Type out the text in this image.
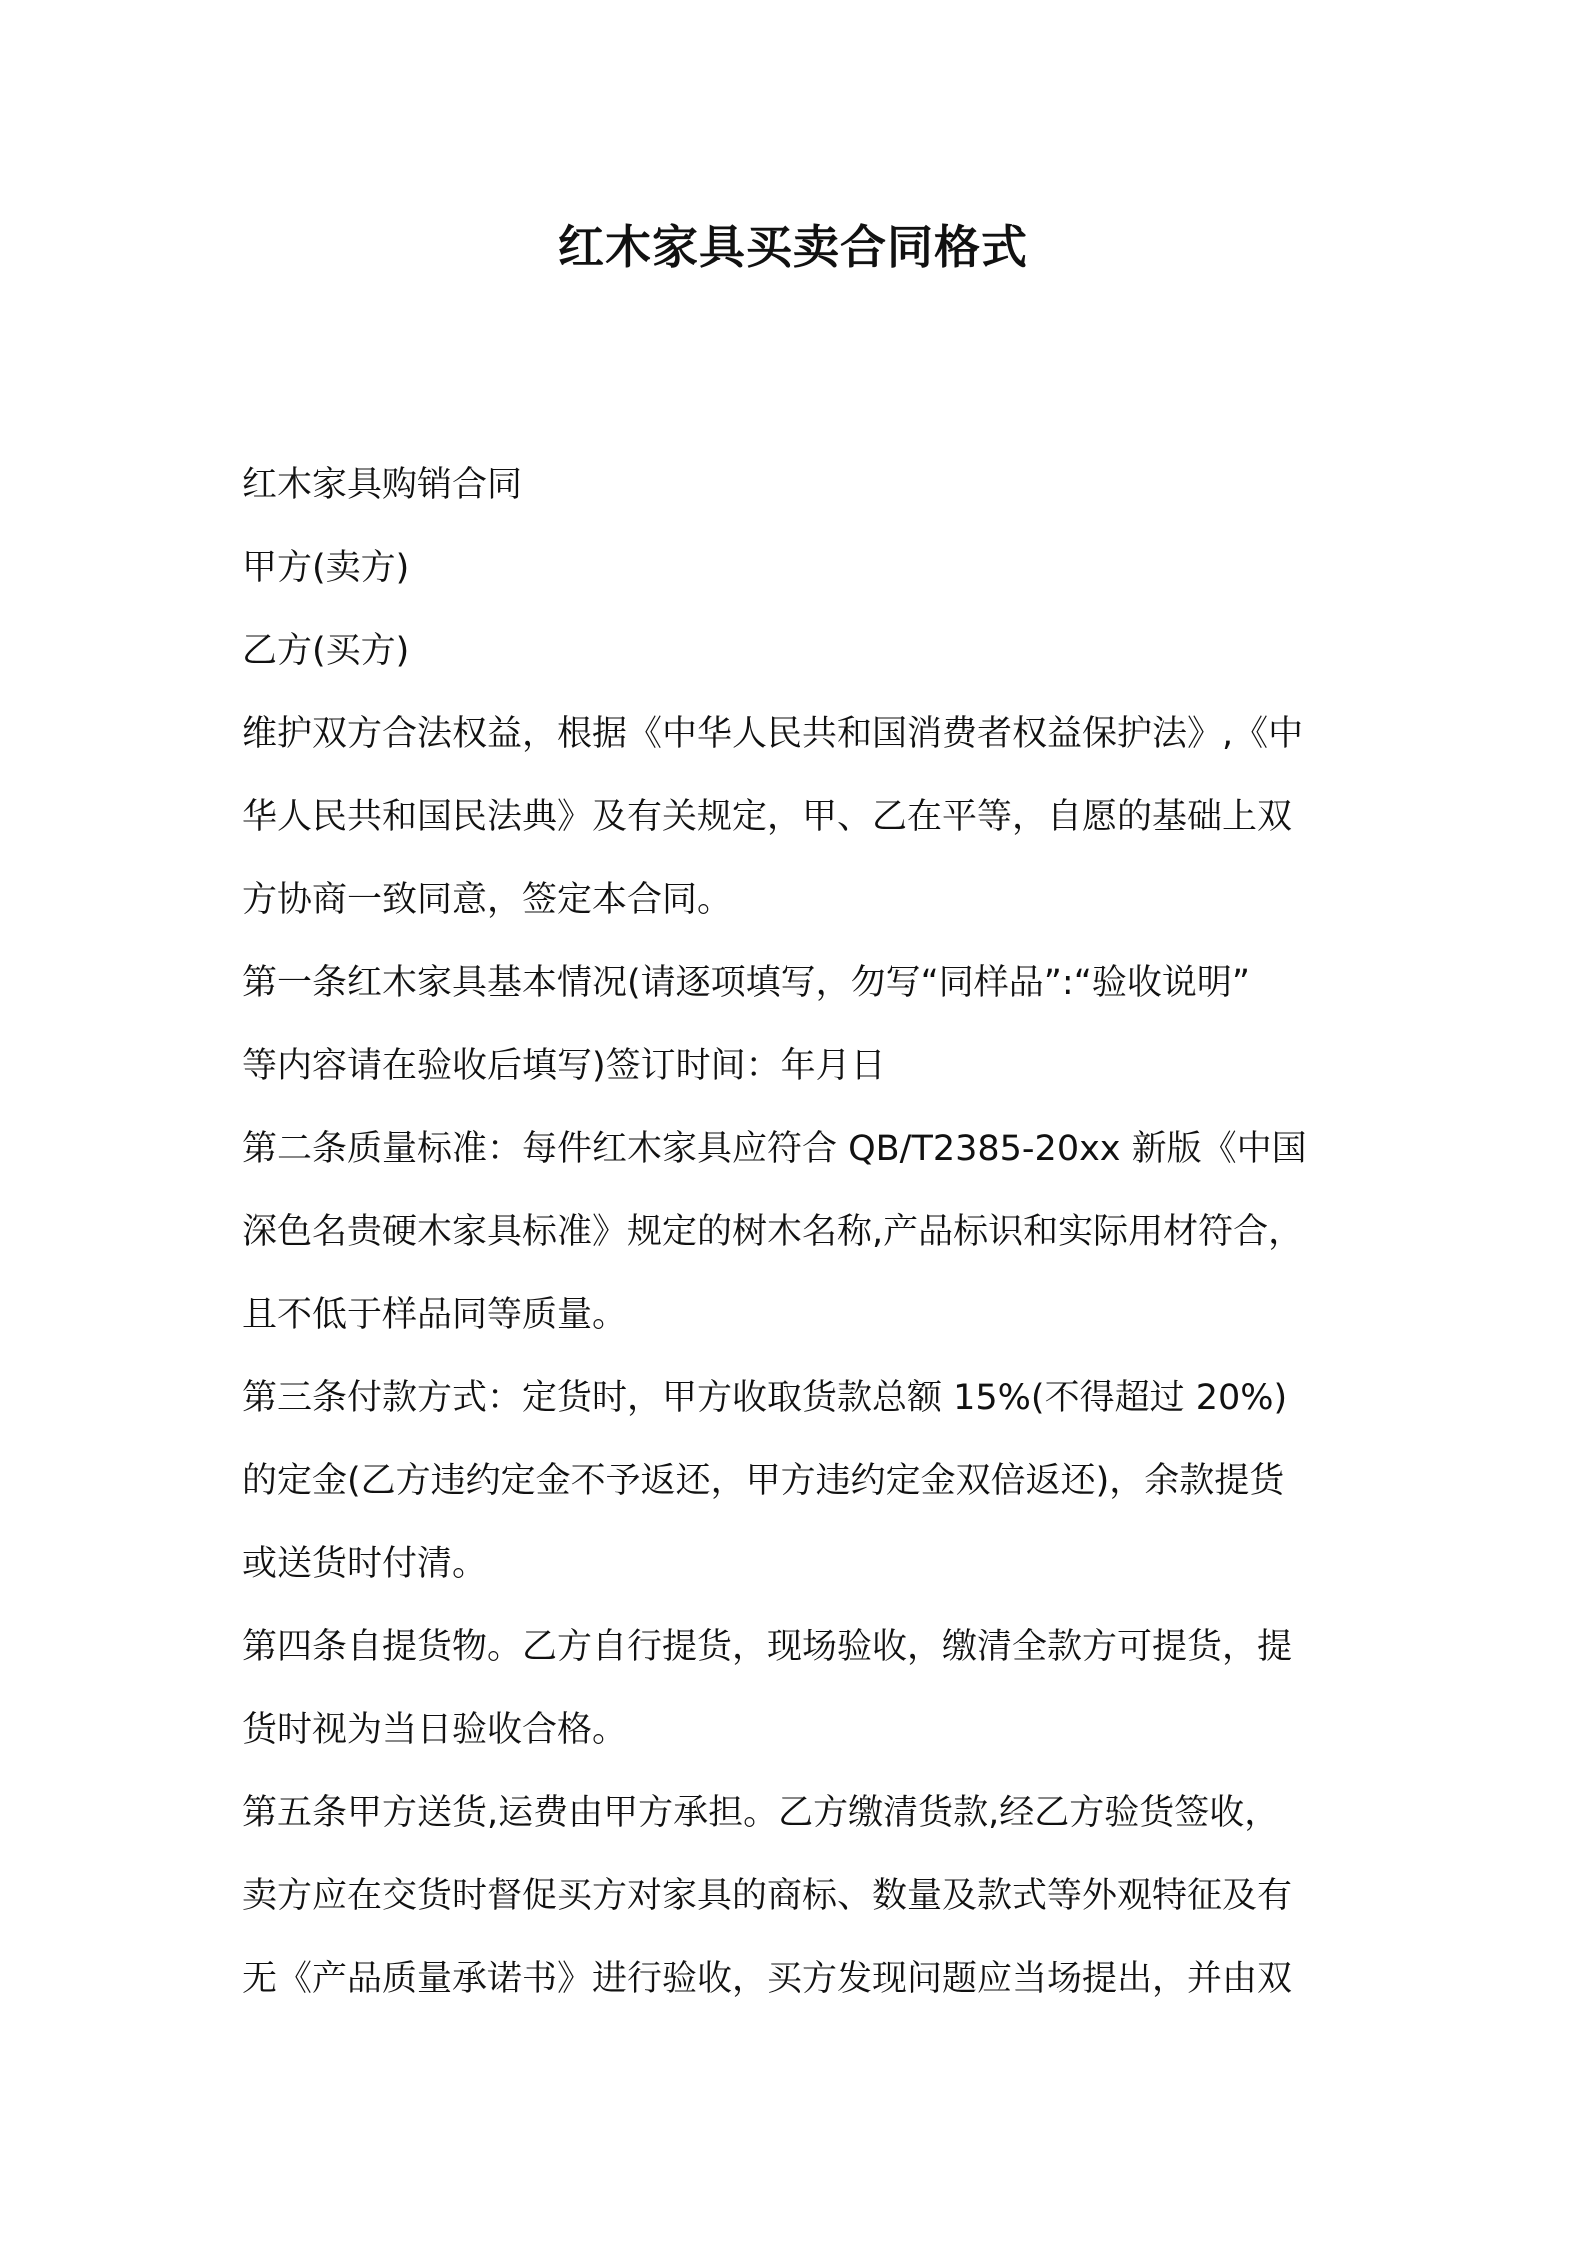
红木家具买卖合同格式

红木家具购销合同

甲方(卖方)

乙方(买方)

维护双方合法权益，根据《中华人民共和国消费者权益保护法》,《中

华人民共和国民法典》及有关规定，甲、乙在平等，自愿的基础上双

方协商一致同意，签定本合同。

第一条红木家具基本情况(请逐项填写，勿写“同样品”:“验收说明”

等内容请在验收后填写)签订时间：年月日

第二条质量标准：每件红木家具应符合 QB/T2385-20xx 新版《中国

深色名贵硬木家具标准》规定的树木名称,产品标识和实际用材符合，

且不低于样品同等质量。

第三条付款方式：定货时，甲方收取货款总额 15%(不得超过 20%)

的定金(乙方违约定金不予返还，甲方违约定金双倍返还)，余款提货

或送货时付清。

第四条自提货物。乙方自行提货，现场验收，缴清全款方可提货，提

货时视为当日验收合格。

第五条甲方送货,运费由甲方承担。乙方缴清货款,经乙方验货签收，

卖方应在交货时督促买方对家具的商标、数量及款式等外观特征及有

无《产品质量承诺书》进行验收，买方发现问题应当场提出，并由双
